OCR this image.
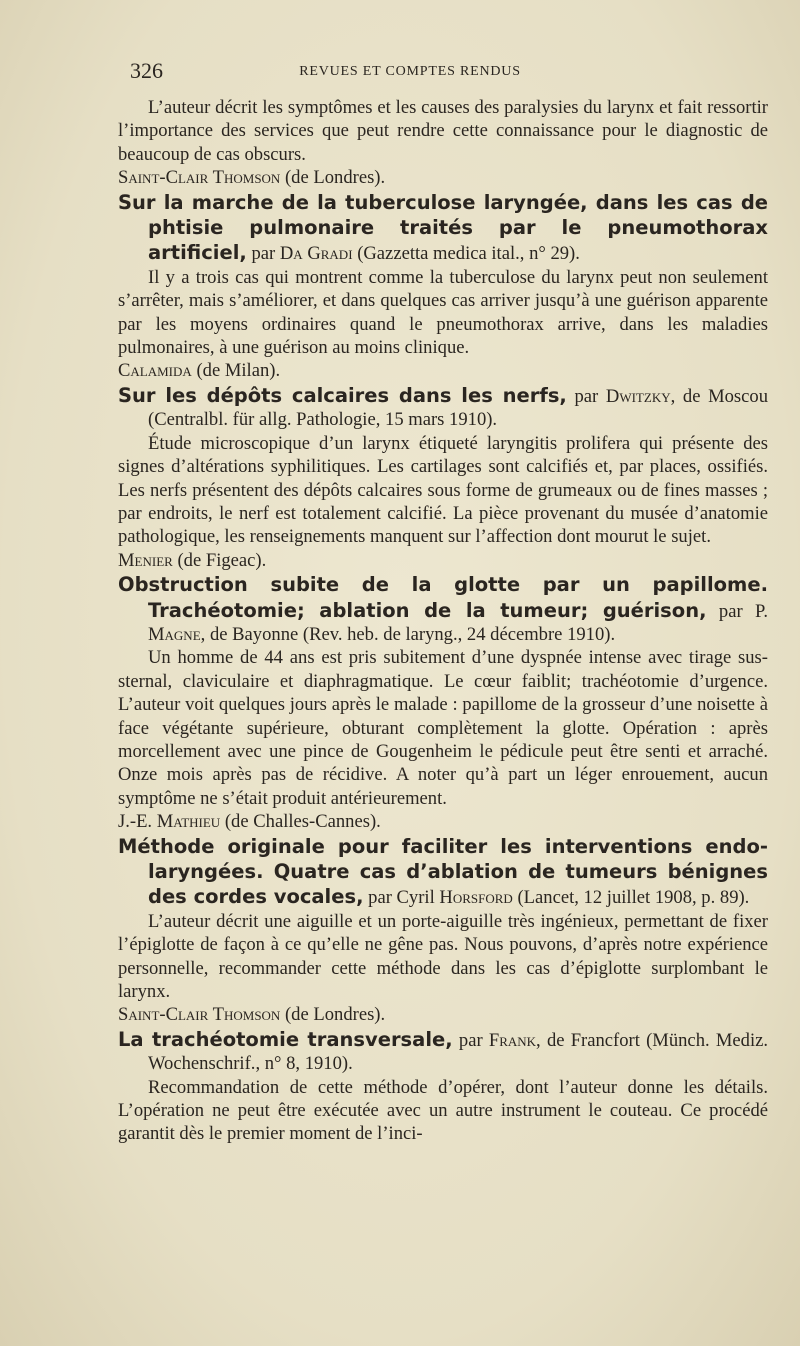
326	REVUES ET COMPTES RENDUS

L’auteur décrit les symptômes et les causes des paralysies du larynx et fait ressortir l’importance des services que peut rendre cette connaissance pour le diagnostic de beaucoup de cas obscurs.

Saint-Clair Thomson (de Londres).

Sur la marche de la tuberculose laryngée, dans les cas de phtisie pulmonaire traités par le pneumothorax artificiel, par Da Gradi (Gazzetta medica ital., n° 29).

Il y a trois cas qui montrent comme la tuberculose du larynx peut non seulement s’arrêter, mais s’améliorer, et dans quelques cas arriver jusqu’à une guérison apparente par les moyens ordinaires quand le pneumothorax arrive, dans les maladies pulmonaires, à une guérison au moins clinique.

Calamida (de Milan).

Sur les dépôts calcaires dans les nerfs, par Dwitzky, de Moscou (Centralbl. für allg. Pathologie, 15 mars 1910).

Étude microscopique d’un larynx étiqueté laryngitis prolifera qui présente des signes d’altérations syphilitiques. Les cartilages sont calcifiés et, par places, ossifiés. Les nerfs présentent des dépôts calcaires sous forme de grumeaux ou de fines masses ; par endroits, le nerf est totalement calcifié. La pièce provenant du musée d’anatomie pathologique, les renseignements manquent sur l’affection dont mourut le sujet.

Menier (de Figeac).

Obstruction subite de la glotte par un papillome. Trachéotomie; ablation de la tumeur; guérison, par P. Magne, de Bayonne (Rev. heb. de laryng., 24 décembre 1910).

Un homme de 44 ans est pris subitement d’une dyspnée intense avec tirage sus-sternal, claviculaire et diaphragmatique. Le cœur faiblit; trachéotomie d’urgence. L’auteur voit quelques jours après le malade : papillome de la grosseur d’une noisette à face végétante supérieure, obturant complètement la glotte. Opération : après morcellement avec une pince de Gougenheim le pédicule peut être senti et arraché. Onze mois après pas de récidive. A noter qu’à part un léger enrouement, aucun symptôme ne s’était produit antérieurement.

J.-E. Mathieu (de Challes-Cannes).

Méthode originale pour faciliter les interventions endo-laryngées. Quatre cas d’ablation de tumeurs bénignes des cordes vocales, par Cyril Horsford (Lancet, 12 juillet 1908, p. 89).

L’auteur décrit une aiguille et un porte-aiguille très ingénieux, permettant de fixer l’épiglotte de façon à ce qu’elle ne gêne pas. Nous pouvons, d’après notre expérience personnelle, recommander cette méthode dans les cas d’épiglotte surplombant le larynx.

Saint-Clair Thomson (de Londres).

La trachéotomie transversale, par Frank, de Francfort (Münch. Mediz. Wochenschrif., n° 8, 1910).

Recommandation de cette méthode d’opérer, dont l’auteur donne les détails. L’opération ne peut être exécutée avec un autre instrument le couteau. Ce procédé garantit dès le premier moment de l’inci-
